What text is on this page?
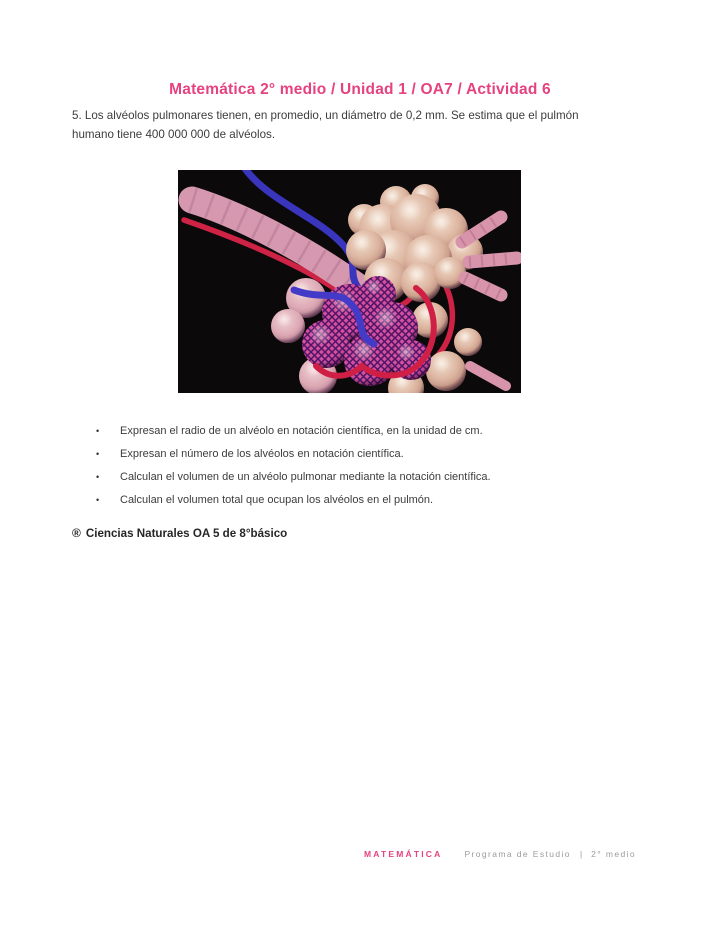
Matemática 2° medio / Unidad 1 / OA7 / Actividad 6
5. Los alvéolos pulmonares tienen, en promedio, un diámetro de 0,2 mm. Se estima que el pulmón humano tiene 400 000 000 de alvéolos.
•	Expresan el radio de un alvéolo en notación científica, en la unidad de cm.
•	Expresan el número de los alvéolos en notación científica.
•	Calculan el volumen de un alvéolo pulmonar mediante la notación científica.
•	Calculan el volumen total que ocupan los alvéolos en el pulmón.
® Ciencias Naturales OA 5 de 8°básico
MATEMÁTICA	Programa de Estudio | 2° medio
